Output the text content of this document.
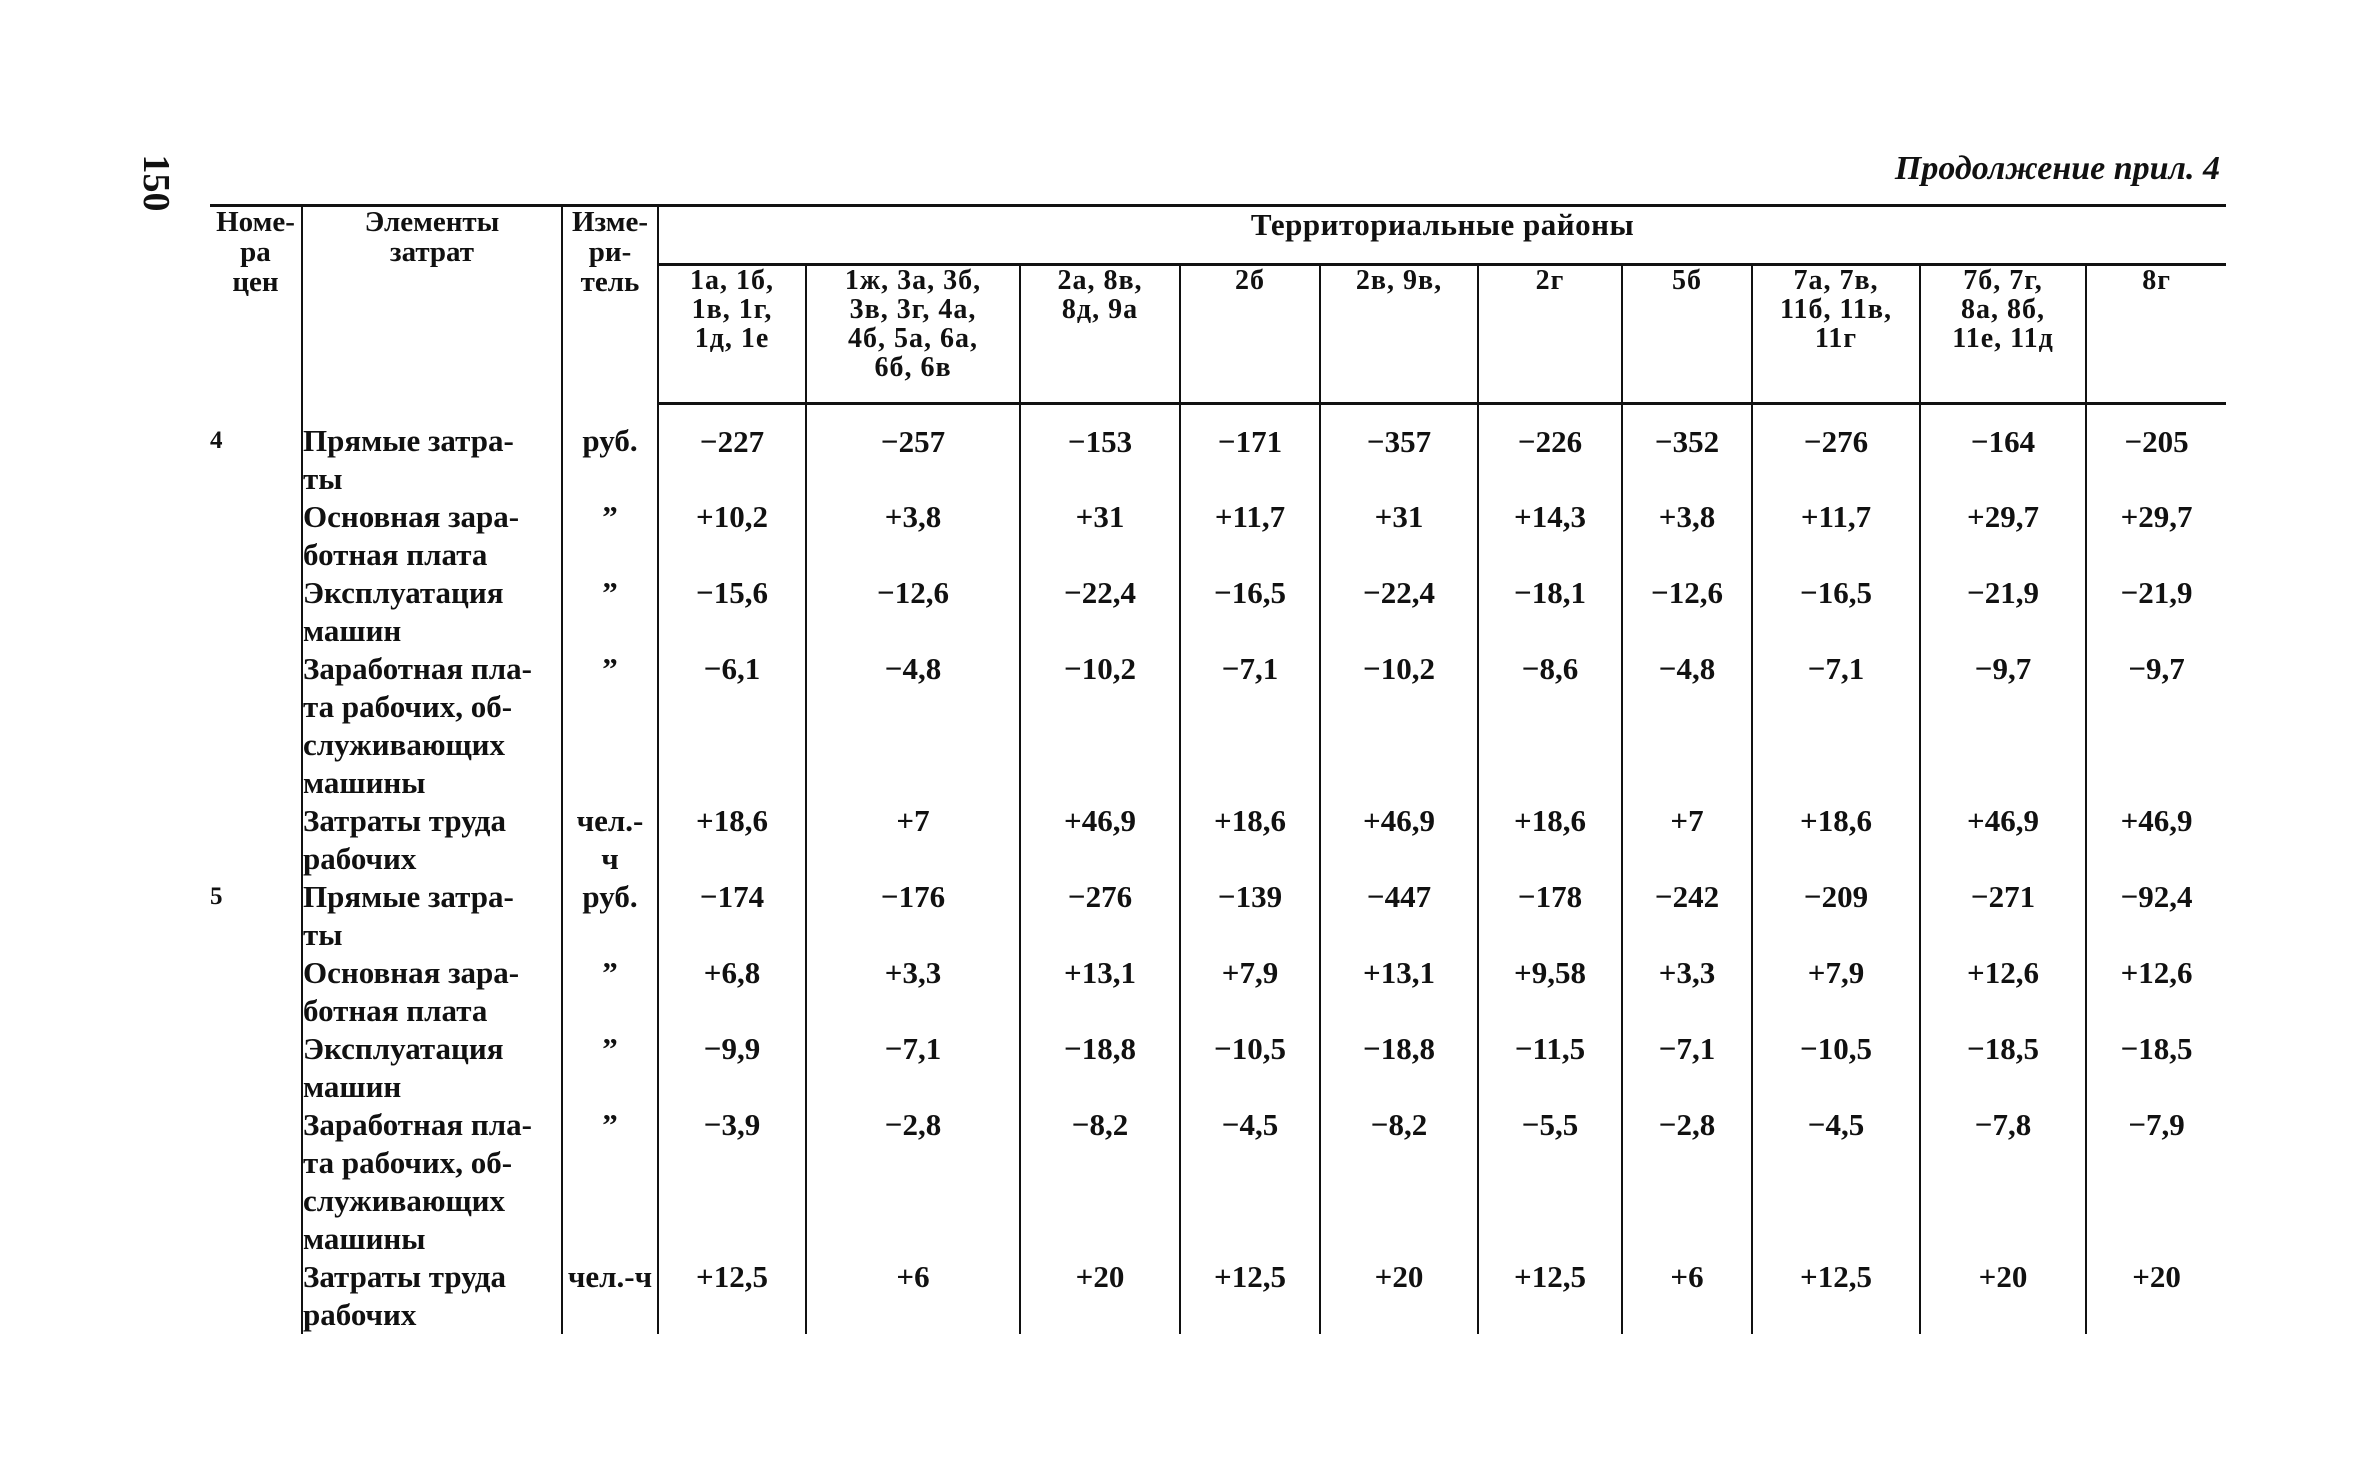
150	Продолжение прил. 4
Номе-
ра
цен	Элементы
затрат	Изме-
ри-
тель	Территориальные районы									
			1а, 1б,
1в, 1г,
1д, 1е	1ж, 3а, 3б,
3в, 3г, 4а,
4б, 5а, 6а,
6б, 6в	2а, 8в,
8д, 9а	2б	2в, 9в,	2г	5б	7а, 7в,
11б, 11в,
11г	7б, 7г,
8а, 8б,
11е, 11д	8г
4	Прямые затра-
ты	руб.	−227	−257	−153	−171	−357	−226	−352	−276	−164	−205
	Основная зара-
ботная плата	”	+10,2	+3,8	+31	+11,7	+31	+14,3	+3,8	+11,7	+29,7	+29,7
	Эксплуатация
машин	”	−15,6	−12,6	−22,4	−16,5	−22,4	−18,1	−12,6	−16,5	−21,9	−21,9
	Заработная пла-
та рабочих, об-
служивающих
машины	”	−6,1	−4,8	−10,2	−7,1	−10,2	−8,6	−4,8	−7,1	−9,7	−9,7
	Затраты труда
рабочих	чел.-
ч	+18,6	+7	+46,9	+18,6	+46,9	+18,6	+7	+18,6	+46,9	+46,9
5	Прямые затра-
ты	руб.	−174	−176	−276	−139	−447	−178	−242	−209	−271	−92,4
	Основная зара-
ботная плата	”	+6,8	+3,3	+13,1	+7,9	+13,1	+9,58	+3,3	+7,9	+12,6	+12,6
	Эксплуатация
машин	”	−9,9	−7,1	−18,8	−10,5	−18,8	−11,5	−7,1	−10,5	−18,5	−18,5
	Заработная пла-
та рабочих, об-
служивающих
машины	”	−3,9	−2,8	−8,2	−4,5	−8,2	−5,5	−2,8	−4,5	−7,8	−7,9
	Затраты труда
рабочих	чел.-ч	+12,5	+6	+20	+12,5	+20	+12,5	+6	+12,5	+20	+20
